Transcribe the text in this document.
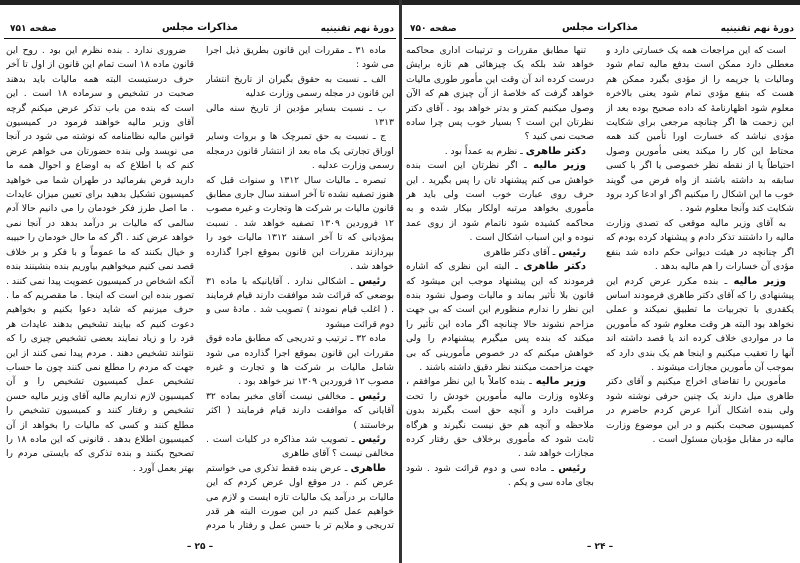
دورهٔ نهم تقنینیه
مذاکرات مجلس
صفحه ۷۵۱

ماده ۳۱ ـ مقررات این قانون بطریق ذیل اجرا می شود :

الف ـ نسبت به حقوق بگیران از تاریخ انتشار این قانون در مجله رسمی وزارت عدلیه

ب ـ نسبت بسایر مؤدین از تاریخ سنه مالی ۱۳۱۳

ج ـ نسبت به حق تمبرچک ها و بروات وسایر اوراق تجارتی یک ماه بعد از انتشار قانون درمجله رسمی وزارت عدلیه .

تبصره ـ مالیات سال ۱۳۱۲ و سنوات قبل که هنوز تصفیه نشده تا آخر اسفند سال جاری مطابق قانون مالیات بر شرکت ها وتجارت و غیره مصوب ۱۲ فروردین ۱۳۰۹ تصفیه خواهد شد . نسبت بمؤدیانی که تا آخر اسفند ۱۳۱۲ مالیات خود را بپردازند مقررات این قانون بموقع اجرا گذارده خواهد شد .

رئیس ـ اشکالی ندارد . آقایانیکه با ماده ۳۱ بوضعی که قرائت شد موافقت دارند قیام فرمایند . ( اغلب قیام نمودند ) تصویب شد . مادهٔ سی و دوم قرائت میشود

ماده ۳۲ ـ ترتیب و تدریجی که مطابق ماده فوق مقررات این قانون بموقع اجرا گذارده می شود شامل مالیات بر شرکت ها و تجارت و غیره مصوب ۱۲ فروردین ۱۳۰۹ نیز خواهد بود .

رئیس ـ مخالفی نیست آقای مخبر بماده ۳۲ آقایانی که موافقت دارند قیام فرمایند ( اکثر برخاستند )

رئیس ـ تصویب شد مذاکره در کلیات است . مخالفی نیست ؟ آقای طاهری

طاهری ـ عرض بنده فقط تذکری می خواستم عرض کنم . در موقع اول عرض کردم که این مالیات بر درآمد یک مالیات تازه ایست و لازم می خواهیم عمل کنیم در این صورت البته هر قدر تدریجی و ملایم تر با حسن عمل و رفتار با مردم

ضروری ندارد . بنده نظرم این بود . روح این قانون ماده ۱۸ است تمام این قانون از اول تا آخر حرف درستیست البته همه مالیات باید بدهند صحبت در تشخیص و سرماده ۱۸ است . این است که بنده من باب تذکر عرض میکنم گرچه آقای وزیر مالیه خواهند فرمود در کمیسیون قوانین مالیه نظامنامه که نوشته می شود در آنجا می نویسد ولی بنده حضورتان می خواهم عرض کنم که با اطلاع که به اوضاع و احوال همه ما دارید فرض بفرمائید در طهران شما می خواهید کمیسیون تشکیل بدهید برای تعیین میزان عایدات . ما اصل طرز فکر خودمان را می دانیم حالا آدم سالمی که مالیات بر درآمد بدهد در آنجا نمی خواهد عرض کند . اگر که ما حال خودمان را حبیبه و خیال بکنند که ما عموماً و با فکر و بر خلاف قصد نمی کنیم میخواهیم بیاوریم بنده بنشینند بنده آنکه اشخاص در کمیسیون عضویت پیدا نمی کنند . تصور بنده این است که اینجا . ما مقصریم که ما . حرف میزنیم که شاید دعوا بکنیم و بخواهیم دعوت کنیم که بیایند تشخیص بدهند عایدات هر فرد را و زیاد نمایند بعضی تشخیص چیزی را که نتوانند تشخیص دهند . مردم پیدا نمی کنند از این جهت که مردم را مطلع نمی کنند چون ما حساب تشخیص عمل کمیسیون تشخیص را و آن کمیسیون لازم نداریم مالیه آقای وزیر مالیه حسن تشخیص و رفتار کنند و کمیسیون تشخیص را مطلع کنند و کسی که مالیات را بخواهد از آن کمیسیون اطلاع بدهد . قانونی که این ماده ۱۸ را تصحیح بکنند و بنده تذکری که بایستی مردم را بهتر بعمل آورد .

– ۲۵ –
دورهٔ نهم تقنینیه
مذاکرات مجلس
صفحه ۷۵۰

است که این مراجعات همه یک خسارتی دارد و معطلی دارد ممکن است بدفع مالیه تمام شود ومالیات یا جریمه را از مؤدی بگیرد ممکن هم هست که بنفع مؤدی تمام شود یعنی بالاخره معلوم شود اظهارنامهٔ که داده صحیح بوده بعد از این زحمت ها اگر چنانچه مرجعی برای شکایت مؤدی نباشد که خسارت اورا تأمین کند همه محتاط این کار را میکند یعنی مأمورین وصول احتیاطاً یا از نقطه نظر خصوصی یا اگر با کسی سابقه بد داشته باشند از واه فرض می گویند خوب ما این اشکال را میکنیم اگر او ادعا کرد برود شکایت کند وآنجا معلوم شود .

به آقای وزیر مالیه موقعی که تصدی وزارت مالیه را داشتند تذکر دادم و پیشنهاد کرده بودم که اگر چنانچه در هیئت دیوانی حکم داده شد بنفع مؤدی آن خسارات را هم مالیه بدهد .

وزیر مالیه ـ بنده مکرر عرض کردم این پیشنهادی را که آقای دکتر طاهری فرمودند اساس یکقدری با تجربیات ما تطبیق نمیکند و عملی نخواهد بود البته هر وقت معلوم شود که مأمورین ما در مواردی خلاف کرده اند یا قصد داشته اند آنها را تعقیب میکنیم و اینجا هم یک بندی دارد که بموجب آن مأمورین مجازات میشوند .

مأمورین را تقاضای اخراج میکنیم و آقای دکتر طاهری میل دارند یک چنین حرفی نوشته شود ولی بنده اشکال آنرا عرض کردم حاضرم در کمیسیون صحبت بکنیم و در این موضوع وزارت مالیه در مقابل مؤدیان مسئول است .

تنها مطابق مقررات و ترتیبات اداری محاکمه خواهد شد بلکه یک چیزهائی هم تازه برایش درست کرده اند آن وقت این مأمور طوری مالیات خواهد گرفت که خلاصهٔ از آن چیزی هم که الآن وصول میکنیم کمتر و بدتر خواهد بود . آقای دکتر نظرتان این است ؟ بسیار خوب پس چرا ساده صحبت نمی کنید ؟

دکتر طاهری ـ نظرم به عمداً بود .

وزیر مالیه ـ اگر نظرتان این است بنده خواهش می کنم پیشنهاد تان را پس بگیرید . این حرف روی عبارت خوب است ولی باید هر مأموری بخواهد مرتبه اولکار بیکار شده و به محاکمه کشیده شود ناتمام شود از روی عمد نبوده و این اسباب اشکال است .

رئیس ـ آقای دکتر طاهری

دکتر طاهری ـ البته این نظری که اشاره فرمودند که این پیشنهاد موجب این میشود که قانون بلا تأثیر بماند و مالیات وصول نشود بنده این نظر را ندارم منظورم این است که بی جهت مزاحم نشوند حالا چنانچه اگر ماده این تأثیر را میکند که بنده پس میگیرم پیشنهادم را ولی خواهش میکنم که در خصوص مأمورینی که بی جهت مزاحمت میکنند نظر دقیق داشته باشند .

وزیر مالیه ـ بنده کاملاً با این نظر موافقم ، وعلاوه وزارت مالیه مأمورین خودش را تحت مراقبت دارد و آنچه حق است بگیرند بدون ملاحظه و آنچه هم حق نیست نگیرند و هرگاه ثابت شود که مأموری برخلاف حق رفتار کرده مجازات خواهد شد .

رئیس ـ ماده سی و دوم قرائت شود . شود بجای ماده سی و یکم .

– ۲۴ –
